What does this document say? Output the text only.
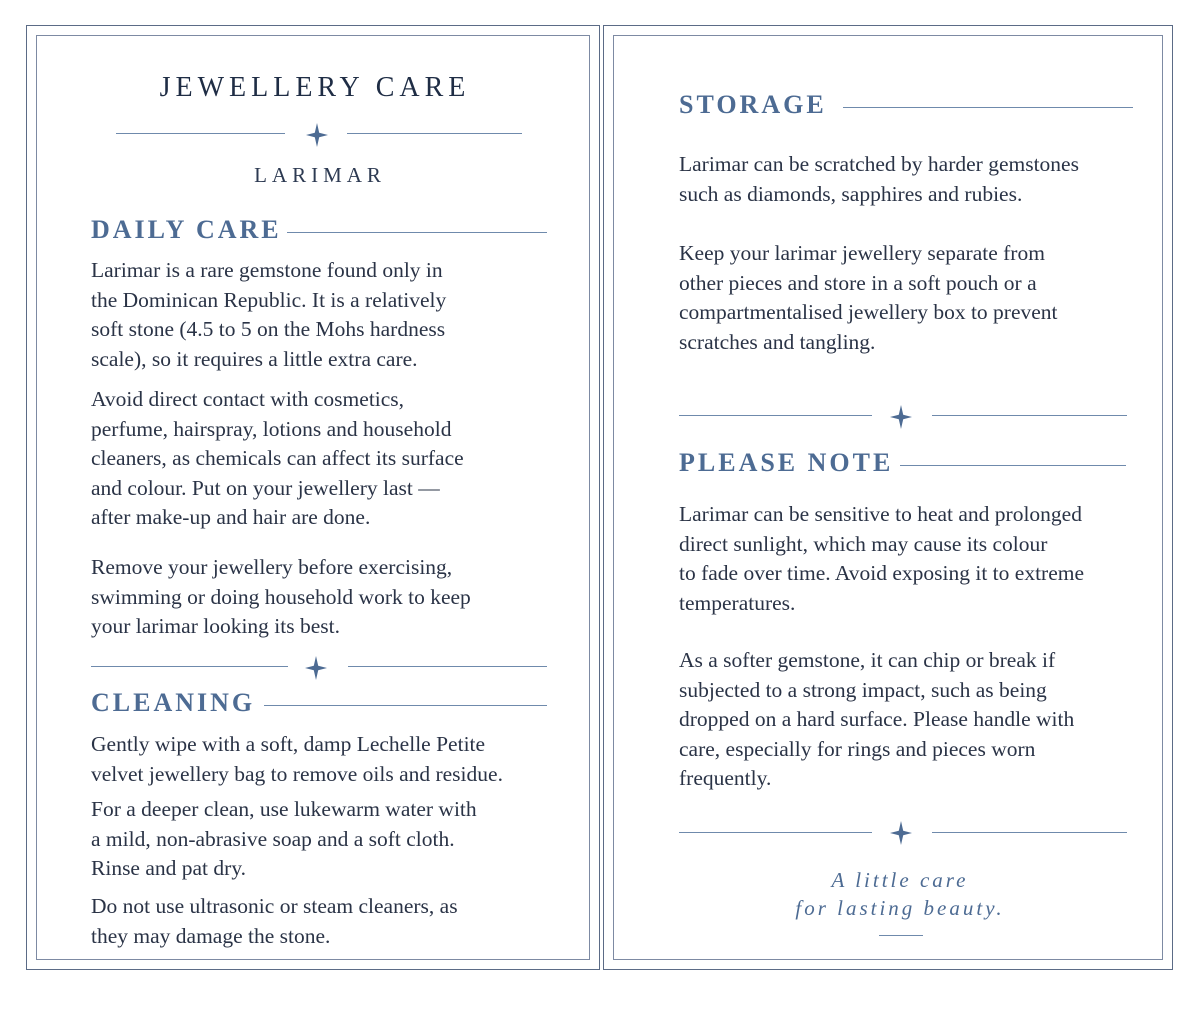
JEWELLERY CARE
LARIMAR
DAILY CARE
Larimar is a rare gemstone found only in
the Dominican Republic. It is a relatively
soft stone (4.5 to 5 on the Mohs hardness
scale), so it requires a little extra care.
Avoid direct contact with cosmetics,
perfume, hairspray, lotions and household
cleaners, as chemicals can affect its surface
and colour. Put on your jewellery last —
after make-up and hair are done.
Remove your jewellery before exercising,
swimming or doing household work to keep
your larimar looking its best.
CLEANING
Gently wipe with a soft, damp Lechelle Petite
velvet jewellery bag to remove oils and residue.
For a deeper clean, use lukewarm water with
a mild, non-abrasive soap and a soft cloth.
Rinse and pat dry.
Do not use ultrasonic or steam cleaners, as
they may damage the stone.
STORAGE
Larimar can be scratched by harder gemstones
such as diamonds, sapphires and rubies.
Keep your larimar jewellery separate from
other pieces and store in a soft pouch or a
compartmentalised jewellery box to prevent
scratches and tangling.
PLEASE NOTE
Larimar can be sensitive to heat and prolonged
direct sunlight, which may cause its colour
to fade over time. Avoid exposing it to extreme
temperatures.
As a softer gemstone, it can chip or break if
subjected to a strong impact, such as being
dropped on a hard surface. Please handle with
care, especially for rings and pieces worn
frequently.
A little care
for lasting beauty.
